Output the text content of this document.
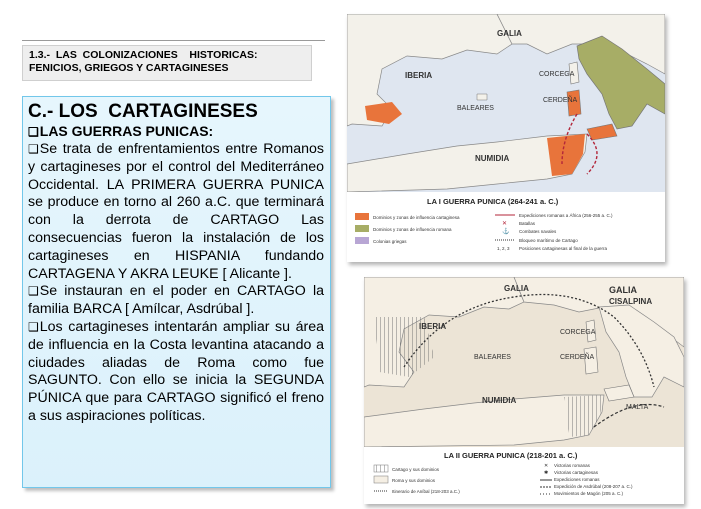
1.3.-  LAS  COLONIZACIONES    HISTORICAS:
FENICIOS, GRIEGOS Y CARTAGINESES

C.- LOS  CARTAGINESES

❑ LAS GUERRAS PUNICAS:

❑ Se trata de enfrentamientos entre Romanos y cartagineses por el control del Mediterráneo Occidental. LA PRIMERA GUERRA PUNICA se produce en torno al 260 a.C. que terminará con la derrota de CARTAGO Las consecuencias fueron la instalación de los cartagineses en HISPANIA fundando CARTAGENA Y AKRA LEUKE [ Alicante ].

❑ Se instauran en el poder en CARTAGO la familia BARCA [ Amílcar, Asdrúbal ].

❑ Los cartagineses intentarán ampliar su área de influencia en la Costa levantina atacando a ciudades aliadas de Roma como fue SAGUNTO. Con ello se inicia la SEGUNDA PÚNICA que para CARTAGO significó el freno a sus aspiraciones políticas.

GALIA
IBERIA	CORCEGA
CERDEÑA
BALEARES
NUMIDIA
LA I GUERRA PUNICA (264-241 a. C.)
Dominios y zonas de influencia cartaginesa
Dominios y zonas de influencia romana
Colonias griegas
Expediciones romanas a África (256-255 a. C.)
✕	Batallas
⚓ Combates navales
Bloqueo marítimo de Cartago
1, 2, 3 Posiciones cartaginesas al final de la guerra
GALIA	GALIA
CISALPINA
IBERIA
CORCEGA
CERDEÑA
BALEARES
NUMIDIA
MALTA
LA II GUERRA PUNICA (218-201 a. C.)
Cartago y sus dominios
Roma y sus dominios
Itinerario de Aníbal (218-203 a.C.)
✕ Victorias romanas
✱ Victorias cartaginesas
Expediciones romanas
Expedición de Asdrúbal (208-207 a. C.)
Movimientos de Magón (205 a. C.)
